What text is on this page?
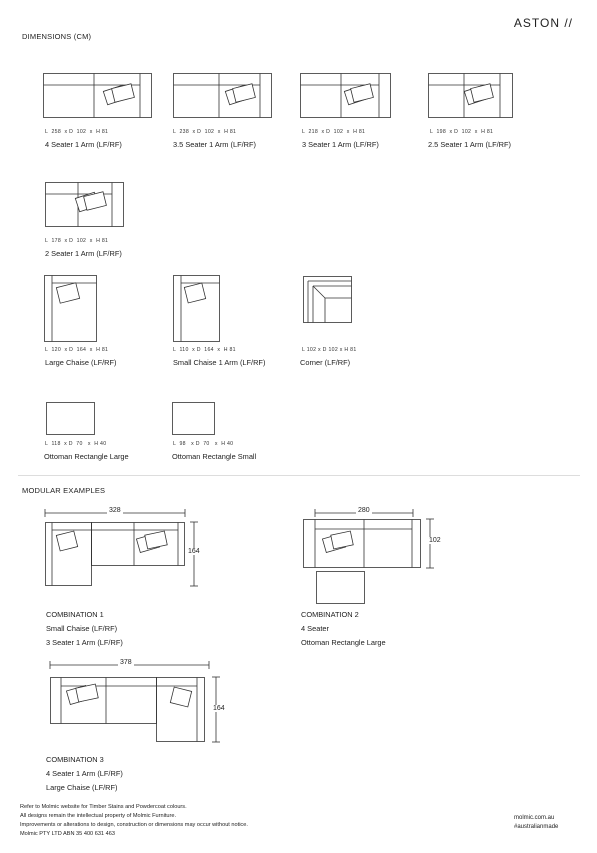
ASTON //
DIMENSIONS (CM)
L  258  x D  102  x  H 81
4 Seater 1 Arm (LF/RF)
L  238  x D  102  x  H 81
3.5 Seater 1 Arm (LF/RF)
L  218  x D  102  x  H 81
3 Seater 1 Arm (LF/RF)
L  198  x D  102  x  H 81
2.5 Seater 1 Arm (LF/RF)
L  178  x D  102  x  H 81
2 Seater 1 Arm (LF/RF)
L  120  x D  164  x  H 81
Large Chaise (LF/RF)
L  110  x D  164  x  H 81
Small Chaise 1 Arm (LF/RF)
L 102 x D 102 x H 81
Corner (LF/RF)
L  118  x D  70   x  H 40
Ottoman Rectangle Large
L  98   x D  70   x  H 40
Ottoman Rectangle Small
MODULAR EXAMPLES
328
164
COMBINATION 1
Small Chaise (LF/RF)
3 Seater 1 Arm (LF/RF)
280
102
COMBINATION 2
4 Seater
Ottoman Rectangle Large
378
164
COMBINATION 3
4 Seater 1 Arm (LF/RF)
Large Chaise (LF/RF)
Refer to Molmic website for Timber Stains and Powdercoat colours.
All designs remain the intellectual property of Molmic Furniture.
Improvements or alterations to design, construction or dimensions may occur without notice.
Molmic PTY LTD ABN 35 400 631 463
molmic.com.au
#australianmade
